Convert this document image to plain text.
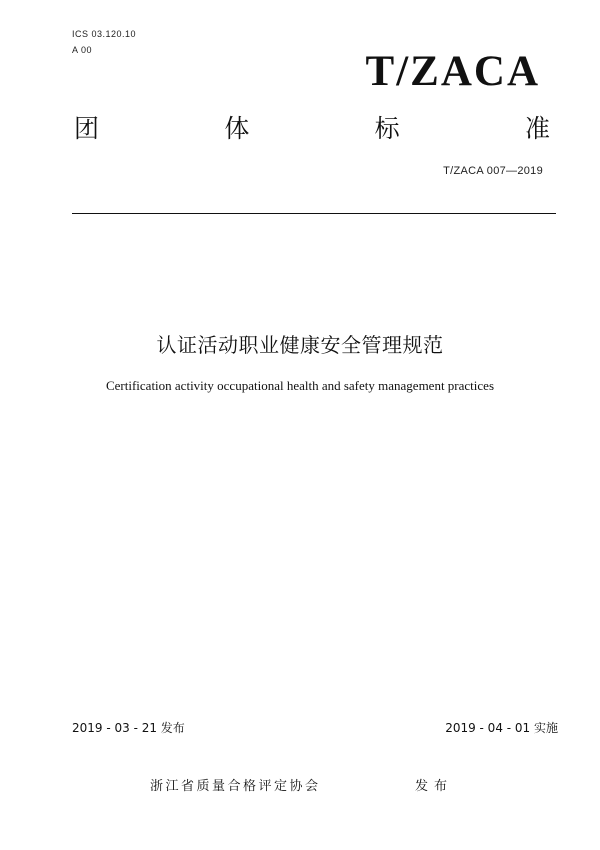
ICS 03.120.10
A 00	T/ZACA
团	体	标	准
T/ZACA 007—2019
认证活动职业健康安全管理规范
Certification activity occupational health and safety management practices
2019 - 03 - 21 发布	2019 - 04 - 01 实施
浙江省质量合格评定协会	发布
